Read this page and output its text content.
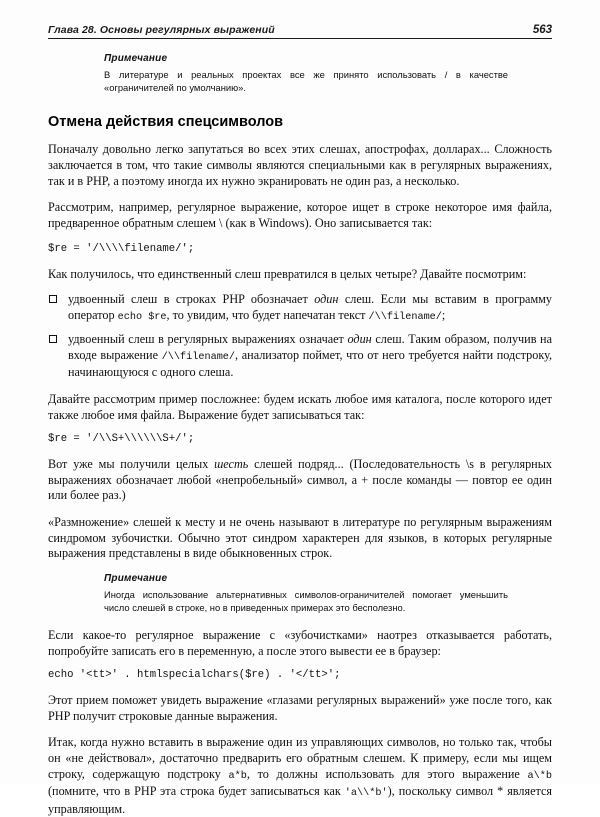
Глава 28. Основы регулярных выражений	563
Примечание
В литературе и реальных проектах все же принято использовать / в качестве «ограничителей по умолчанию».
Отмена действия спецсимволов

Поначалу довольно легко запутаться во всех этих слешах, апострофах, долларах... Сложность заключается в том, что такие символы являются специальными как в регулярных выражениях, так и в PHP, а поэтому иногда их нужно экранировать не один раз, а несколько.

Рассмотрим, например, регулярное выражение, которое ищет в строке некоторое имя файла, предваренное обратным слешем \ (как в Windows). Оно записывается так:

$re = '/\\\\filename/';

Как получилось, что единственный слеш превратился в целых четыре? Давайте посмотрим:

удвоенный слеш в строках PHP обозначает один слеш. Если мы вставим в программу оператор echo $re, то увидим, что будет напечатан текст /\\filename/;
удвоенный слеш в регулярных выражениях означает один слеш. Таким образом, получив на входе выражение /\\filename/, анализатор поймет, что от него требуется найти подстроку, начинающуюся с одного слеша.

Давайте рассмотрим пример посложнее: будем искать любое имя каталога, после которого идет также любое имя файла. Выражение будет записываться так:

$re = '/\\S+\\\\\\S+/';

Вот уже мы получили целых шесть слешей подряд... (Последовательность \s в регулярных выражениях обозначает любой «непробельный» символ, а + после команды — повтор ее один или более раз.)

«Размножение» слешей к месту и не очень называют в литературе по регулярным выражениям синдромом зубочистки. Обычно этот синдром характерен для языков, в которых регулярные выражения представлены в виде обыкновенных строк.

Примечание
Иногда использование альтернативных символов-ограничителей помогает уменьшить число слешей в строке, но в приведенных примерах это бесполезно.

Если какое-то регулярное выражение с «зубочистками» наотрез отказывается работать, попробуйте записать его в переменную, а после этого вывести ее в браузер:

echo '<tt>' . htmlspecialchars($re) . '</tt>';

Этот прием поможет увидеть выражение «глазами регулярных выражений» уже после того, как PHP получит строковые данные выражения.

Итак, когда нужно вставить в выражение один из управляющих символов, но только так, чтобы он «не действовал», достаточно предварить его обратным слешем. К примеру, если мы ищем строку, содержащую подстроку a*b, то должны использовать для этого выражение a\*b (помните, что в PHP эта строка будет записываться как 'a\\*b'), поскольку символ * является управляющим.
